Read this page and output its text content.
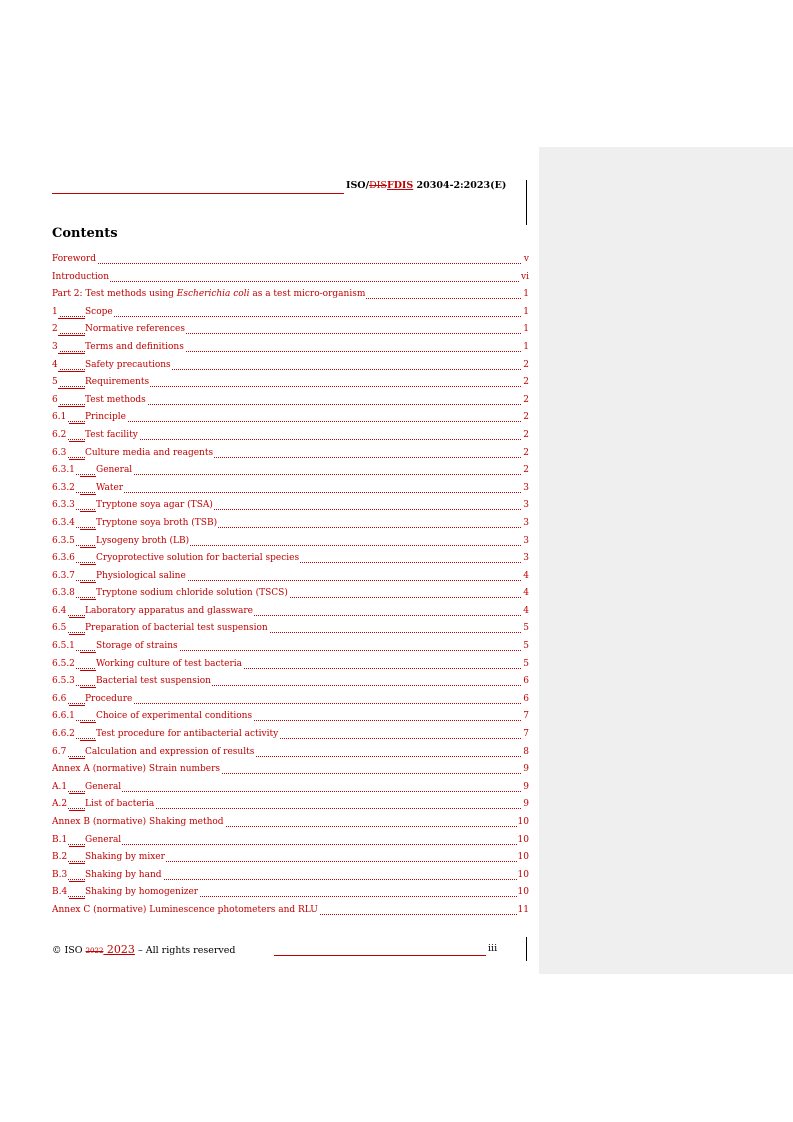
ISO/DISFDIS 20304-2:2023(E)
Contents
Foreword	v
Introduction	vi
Part 2: Test methods using Escherichia coli as a test micro-organism	1
1	Scope	1
2	Normative references	1
3	Terms and definitions	1
4	Safety precautions	2
5	Requirements	2
6	Test methods	2
6.1 Principle	2
6.2 Test facility	2
6.3 Culture media and reagents	2
6.3.1 General	2
6.3.2 Water	3
6.3.3 Tryptone soya agar (TSA)	3
6.3.4 Tryptone soya broth (TSB)	3
6.3.5 Lysogeny broth (LB)	3
6.3.6 Cryoprotective solution for bacterial species	3
6.3.7 Physiological saline	4
6.3.8 Tryptone sodium chloride solution (TSCS)	4
6.4 Laboratory apparatus and glassware	4
6.5 Preparation of bacterial test suspension	5
6.5.1 Storage of strains	5
6.5.2 Working culture of test bacteria	5
6.5.3 Bacterial test suspension	6
6.6 Procedure	6
6.6.1 Choice of experimental conditions	7
6.6.2 Test procedure for antibacterial activity	7
6.7 Calculation and expression of results	8
Annex A (normative) Strain numbers	9
A.1 General	9
A.2 List of bacteria	9
Annex B (normative) Shaking method	10
B.1 General	10
B.2 Shaking by mixer	10
B.3 Shaking by hand	10
B.4 Shaking by homogenizer	10
Annex C (normative) Luminescence photometers and RLU	11
© ISO 2022 2023 – All rights reserved	iii
